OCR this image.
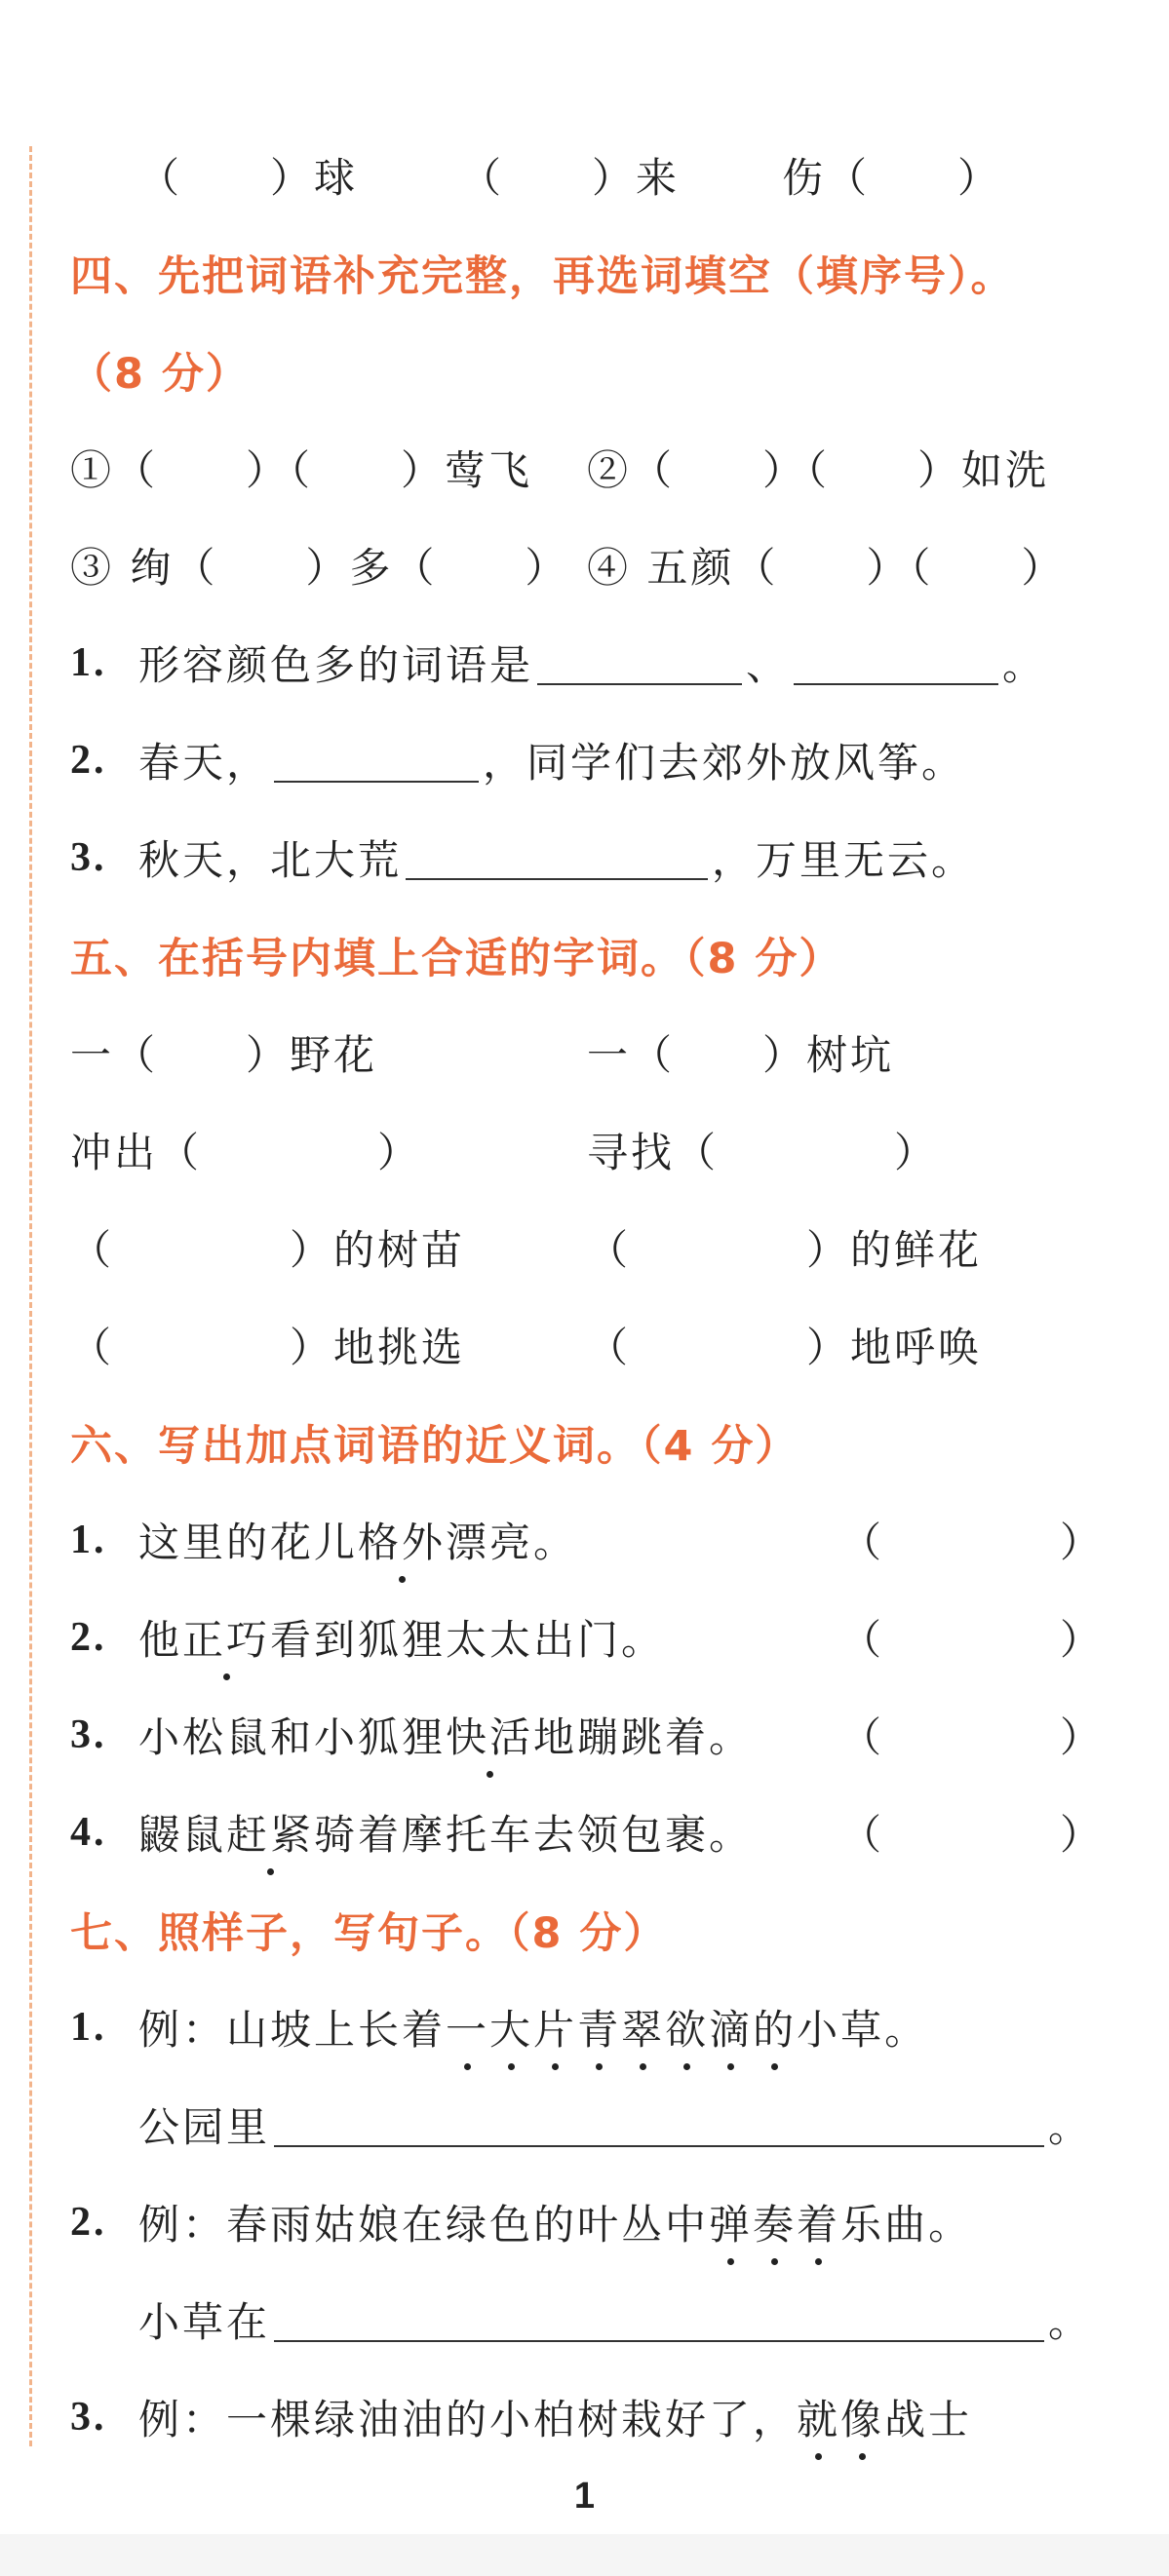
（　　）球 （　　）来 伤（　　）
四、先把词语补充完整，再选词填空（填序号）。
（8 分）
①（　　）（　　）莺飞 ②（　　）（　　）如洗
③ 绚（　　）多（　　） ④ 五颜（　　）（　　）
1. 形容颜色多的词语是	、	。
2. 春天，	，同学们去郊外放风筝。
3. 秋天，北大荒	，万里无云。
五、在括号内填上合适的字词。（8 分）
一（　　）野花	一（　　）树坑
冲出（　　　　）	寻找（　　　　）
（　　　　）的树苗	（　　　　）的鲜花
（　　　　）地挑选	（　　　　）地呼唤
六、写出加点词语的近义词。（4 分）
1. 这里的花儿 格外 漂亮。	（	）
2. 他 正巧 看到狐狸太太出门。	（	）
3. 小松鼠和小狐狸 快活 地蹦跳着。 （	）
4. 鼹鼠 赶紧 骑着摩托车去领包裹。 （	）
七、照样子，写句子。（8 分）
1. 例：山坡上长着 一大片青翠欲滴的 小草。
公园里	。
2. 例：春雨姑娘在绿色的叶丛中 弹奏着 乐曲。
小草在	。
3. 例：一棵绿油油的小柏树栽好了， 就像 战士
1
